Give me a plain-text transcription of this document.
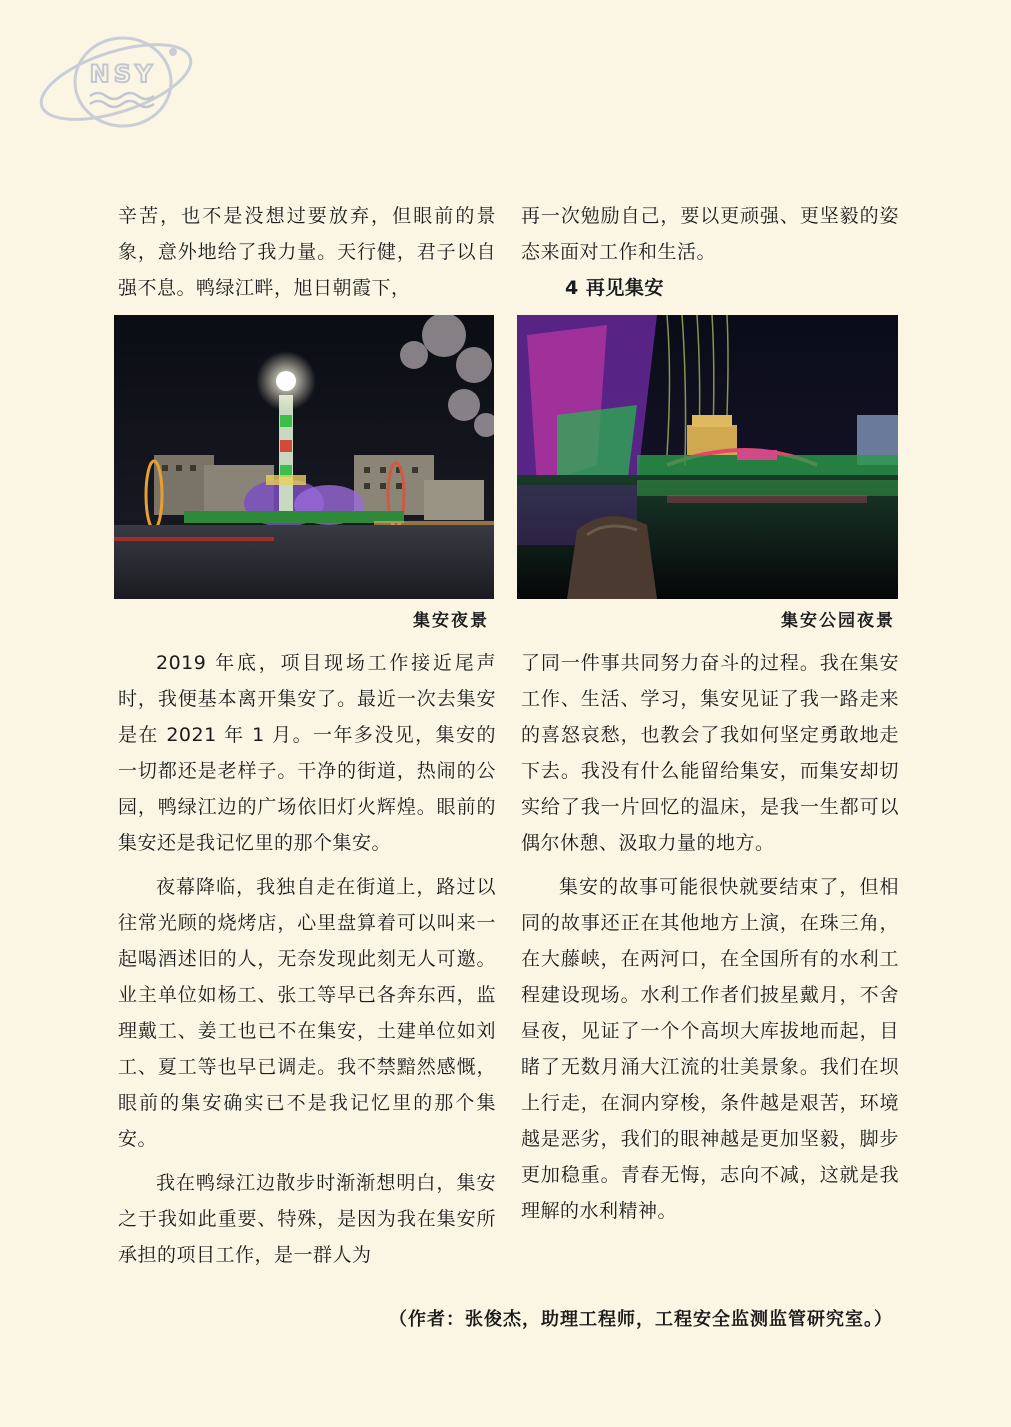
NSY

辛苦，也不是没想过要放弃，但眼前的景象，意外地给了我力量。天行健，君子以自强不息。鸭绿江畔，旭日朝霞下，

再一次勉励自己，要以更顽强、更坚毅的姿态来面对工作和生活。

4 再见集安

集安夜景	集安公园夜景

2019 年底，项目现场工作接近尾声时，我便基本离开集安了。最近一次去集安是在 2021 年 1 月。一年多没见，集安的一切都还是老样子。干净的街道，热闹的公园，鸭绿江边的广场依旧灯火辉煌。眼前的集安还是我记忆里的那个集安。

夜幕降临，我独自走在街道上，路过以往常光顾的烧烤店，心里盘算着可以叫来一起喝酒述旧的人，无奈发现此刻无人可邀。业主单位如杨工、张工等早已各奔东西，监理戴工、姜工也已不在集安，土建单位如刘工、夏工等也早已调走。我不禁黯然感慨，眼前的集安确实已不是我记忆里的那个集安。

我在鸭绿江边散步时渐渐想明白，集安之于我如此重要、特殊，是因为我在集安所承担的项目工作，是一群人为

了同一件事共同努力奋斗的过程。我在集安工作、生活、学习，集安见证了我一路走来的喜怒哀愁，也教会了我如何坚定勇敢地走下去。我没有什么能留给集安，而集安却切实给了我一片回忆的温床，是我一生都可以偶尔休憩、汲取力量的地方。

集安的故事可能很快就要结束了，但相同的故事还正在其他地方上演，在珠三角，在大藤峡，在两河口，在全国所有的水利工程建设现场。水利工作者们披星戴月，不舍昼夜，见证了一个个高坝大库拔地而起，目睹了无数月涌大江流的壮美景象。我们在坝上行走，在洞内穿梭，条件越是艰苦，环境越是恶劣，我们的眼神越是更加坚毅，脚步更加稳重。青春无悔，志向不减，这就是我理解的水利精神。

（作者：张俊杰，助理工程师，工程安全监测监管研究室。）
